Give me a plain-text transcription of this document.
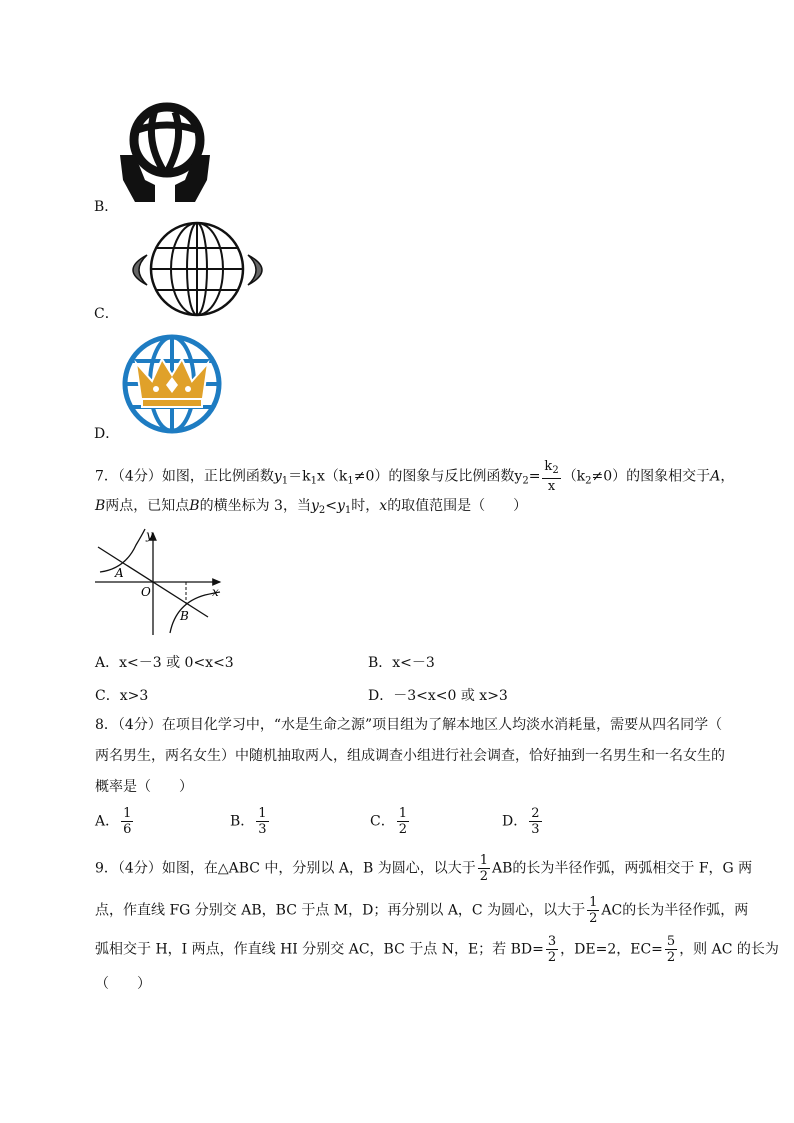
B．
C．
D．
7．（4分）如图，正比例函数$y_1=k_1x(k_1\ne 0)$的图象与反比例函数$y_2= \frac{k_2}{x} (k_2\ne 0)$的图象相交于A，
B两点，已知点B的横坐标为 3，当$y_2<y_1$时，x的取值范围是（　　）
y
x
O
A
B
A．x<－3 或 0<x<3	B．x<－3
C．x>3	D．－3<x<0 或 x>3
8．（4分）在项目化学习中，“水是生命之源”项目组为了解本地区人均淡水消耗量，需要从四名同学（
两名男生，两名女生）中随机抽取两人，组成调查小组进行社会调查，恰好抽到一名男生和一名女生的
概率是（　　）
A． $\frac{1}{6}$	B． $\frac{1}{3}$	C． $\frac{1}{2}$	D． $\frac{2}{3}$
9．（4分）如图，在△ABC 中，分别以 A，B 为圆心，以大于 $\frac{1}{2}$ AB的长为半径作弧，两弧相交于 F，G 两
点，作直线 FG 分别交 AB，BC 于点 M，D；再分别以 A，C 为圆心，以大于 $\frac{1}{2}$ AC的长为半径作弧，两
弧相交于 H，I 两点，作直线 HI 分别交 AC，BC 于点 N，E；若 $BD= \frac{3}{2}$ ，DE=2，$EC= \frac{5}{2}$ ，则 AC 的长为
（　　）
